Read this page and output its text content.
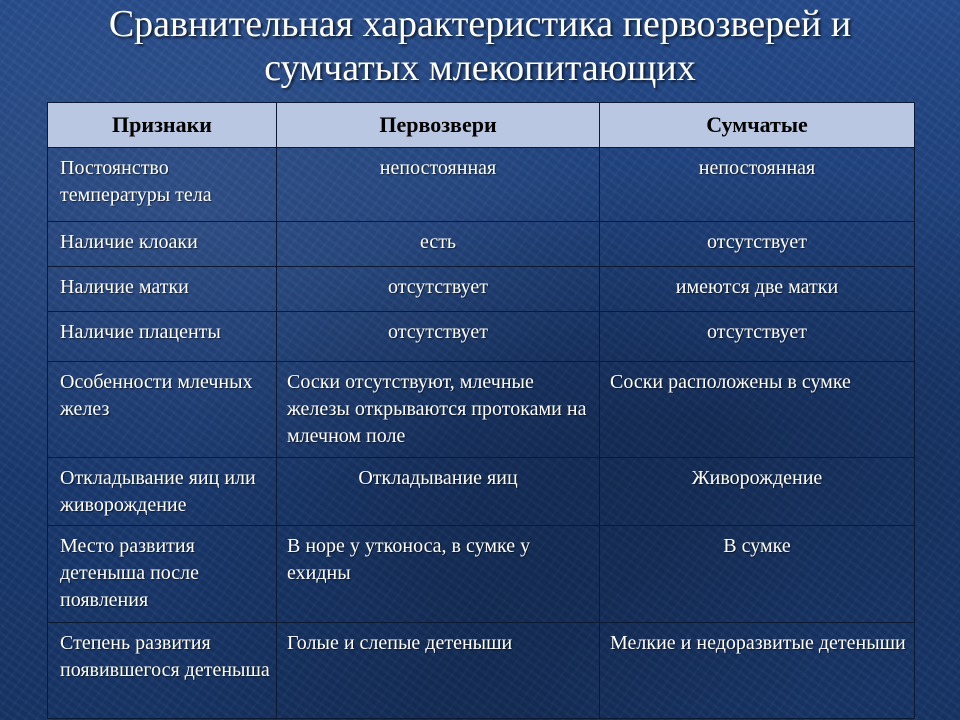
Сравнительная характеристика первозверей и
сумчатых млекопитающих
Признаки	Первозвери	Сумчатые
Постоянство температуры тела	непостоянная	непостоянная
Наличие клоаки	есть	отсутствует
Наличие матки	отсутствует	имеются две матки
Наличие плаценты	отсутствует	отсутствует
Особенности млечных желез	Соски отсутствуют, млечные железы открываются протоками на млечном поле	Соски расположены в сумке
Откладывание яиц или живорождение	Откладывание яиц	Живорождение
Место развития детеныша после появления	В норе у утконоса, в сумке у ехидны	В сумке
Степень развития появившегося детеныша	Голые и слепые детеныши	Мелкие и недоразвитые детеныши
